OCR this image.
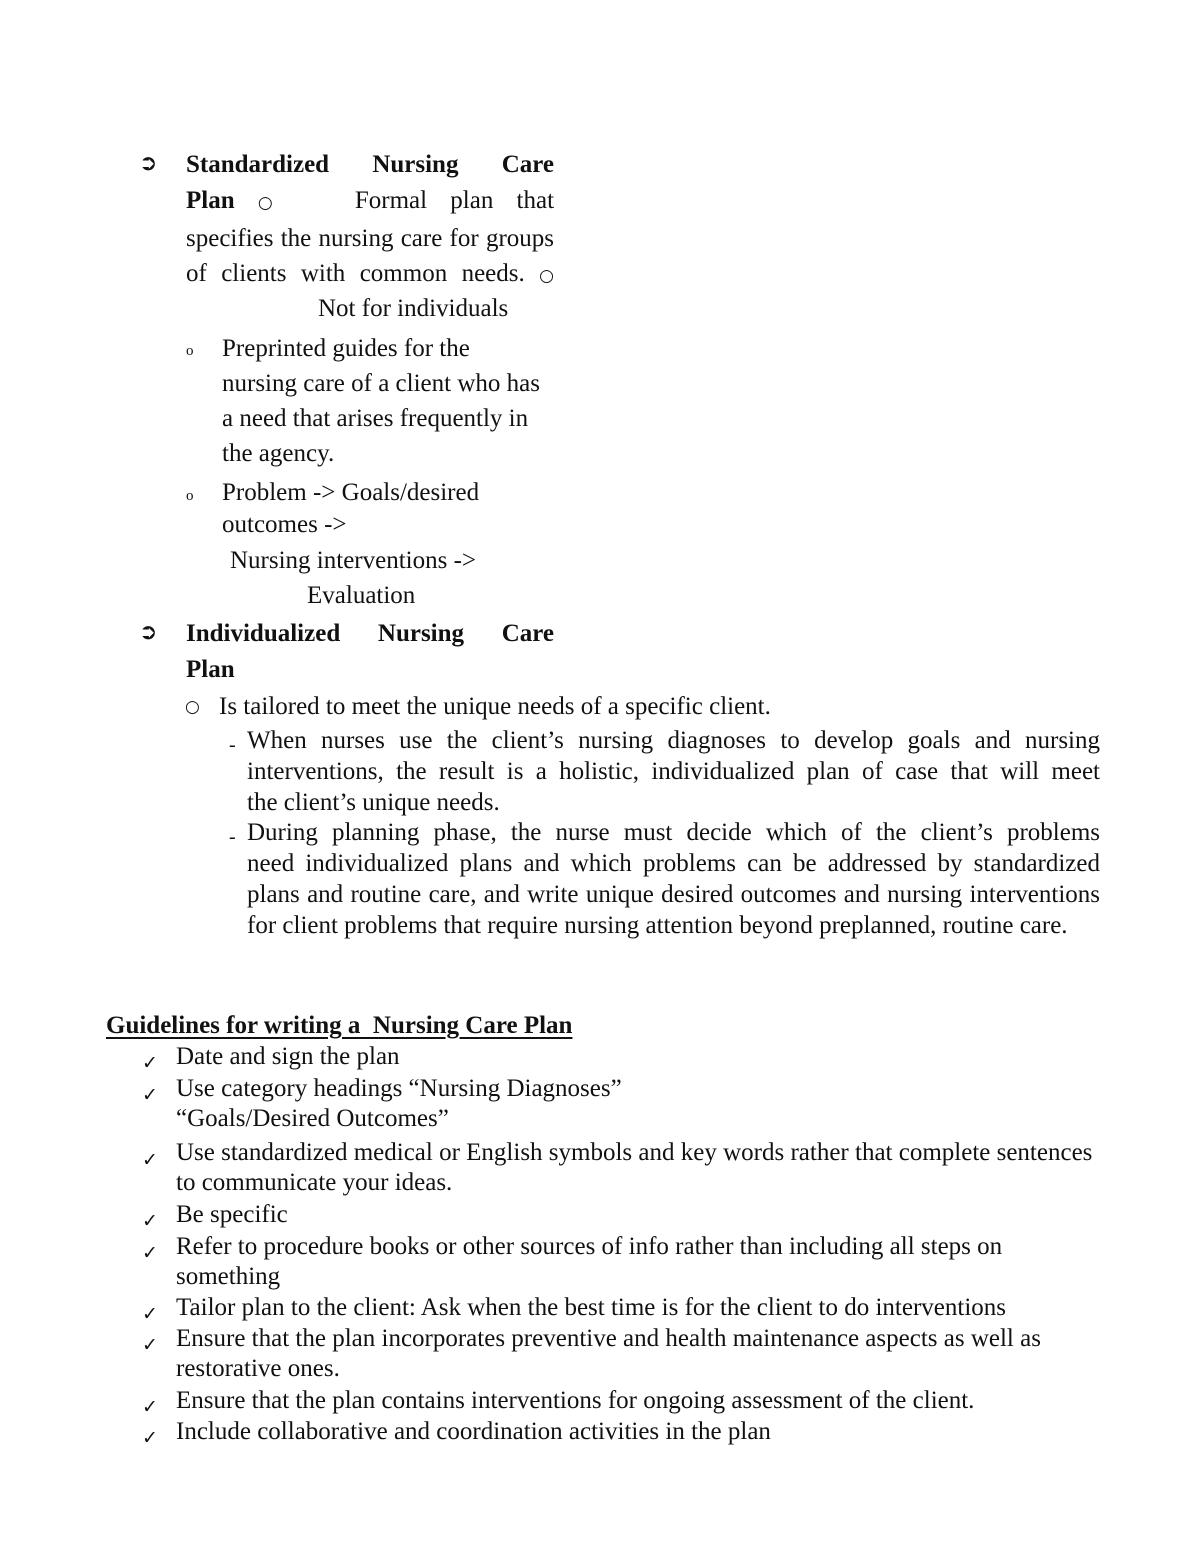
➲ Standardized Nursing Care
Plan ○	Formal plan that specifies the nursing care for groups of clients with common needs. ○
Not for individuals
o Preprinted guides for the nursing care of a client who has a need that arises frequently in the agency.
o Problem -> Goals/desired outcomes ->
Nursing interventions ->
Evaluation
➲ Individualized Nursing Care
Plan
○ Is tailored to meet the unique needs of a specific client.
- When nurses use the client’s nursing diagnoses to develop goals and nursing
interventions, the result is a holistic, individualized plan of case that will meet
the client’s unique needs.
- During planning phase, the nurse must decide which of the client’s problems
need individualized plans and which problems can be addressed by standardized plans and routine care, and write unique desired outcomes and nursing interventions for client problems that require nursing attention beyond preplanned, routine care.
Guidelines for writing a  Nursing Care Plan
✓ Date and sign the plan
✓ Use category headings “Nursing Diagnoses” “Goals/Desired Outcomes”
✓ Use standardized medical or English symbols and key words rather that complete sentences to communicate your ideas.
✓ Be specific
✓ Refer to procedure books or other sources of info rather than including all steps on something
✓ Tailor plan to the client: Ask when the best time is for the client to do interventions
✓ Ensure that the plan incorporates preventive and health maintenance aspects as well as restorative ones.
✓ Ensure that the plan contains interventions for ongoing assessment of the client.
✓ Include collaborative and coordination activities in the plan
